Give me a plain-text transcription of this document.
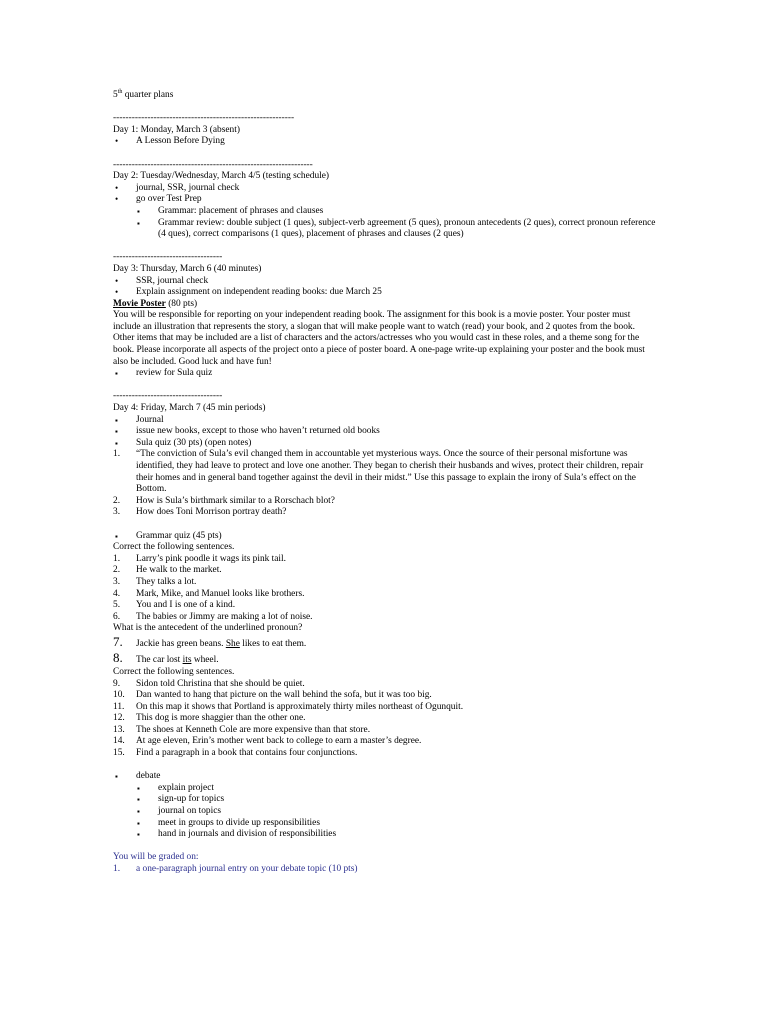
5th quarter plans
----------------------------------------------------------
Day 1: Monday, March 3 (absent)
• A Lesson Before Dying
----------------------------------------------------------------
Day 2: Tuesday/Wednesday, March 4/5 (testing schedule)
• journal, SSR, journal check
• go over Test Prep
▪ Grammar: placement of phrases and clauses
▪ Grammar review: double subject (1 ques), subject-verb agreement (5 ques), pronoun antecedents (2 ques), correct pronoun reference (4 ques), correct comparisons (1 ques), placement of phrases and clauses (2 ques)
-----------------------------------
Day 3: Thursday, March 6 (40 minutes)
• SSR, journal check
• Explain assignment on independent reading books: due March 25
Movie Poster (80 pts)
You will be responsible for reporting on your independent reading book. The assignment for this book is a movie poster. Your poster must include an illustration that represents the story, a slogan that will make people want to watch (read) your book, and 2 quotes from the book. Other items that may be included are a list of characters and the actors/actresses who you would cast in these roles, and a theme song for the book. Please incorporate all aspects of the project onto a piece of poster board. A one-page write-up explaining your poster and the book must also be included. Good luck and have fun!
▪ review for Sula quiz
-----------------------------------
Day 4: Friday, March 7 (45 min periods)
▪ Journal
▪ issue new books, except to those who haven’t returned old books
▪ Sula quiz (30 pts) (open notes)
1. “The conviction of Sula’s evil changed them in accountable yet mysterious ways. Once the source of their personal misfortune was identified, they had leave to protect and love one another. They began to cherish their husbands and wives, protect their children, repair their homes and in general band together against the devil in their midst.” Use this passage to explain the irony of Sula’s effect on the Bottom.
2. How is Sula’s birthmark similar to a Rorschach blot?
3. How does Toni Morrison portray death?
▪ Grammar quiz (45 pts)
Correct the following sentences.
1. Larry’s pink poodle it wags its pink tail.
2. He walk to the market.
3. They talks a lot.
4. Mark, Mike, and Manuel looks like brothers.
5. You and I is one of a kind.
6. The babies or Jimmy are making a lot of noise.
What is the antecedent of the underlined pronoun?
7. Jackie has green beans. She likes to eat them.
8. The car lost its wheel.
Correct the following sentences.
9. Sidon told Christina that she should be quiet.
10. Dan wanted to hang that picture on the wall behind the sofa, but it was too big.
11. On this map it shows that Portland is approximately thirty miles northeast of Ogunquit.
12. This dog is more shaggier than the other one.
13. The shoes at Kenneth Cole are more expensive than that store.
14. At age eleven, Erin’s mother went back to college to earn a master’s degree.
15. Find a paragraph in a book that contains four conjunctions.
▪ debate
▪ explain project
▪ sign-up for topics
▪ journal on topics
▪ meet in groups to divide up responsibilities
▪ hand in journals and division of responsibilities
You will be graded on:
1. a one-paragraph journal entry on your debate topic (10 pts)
